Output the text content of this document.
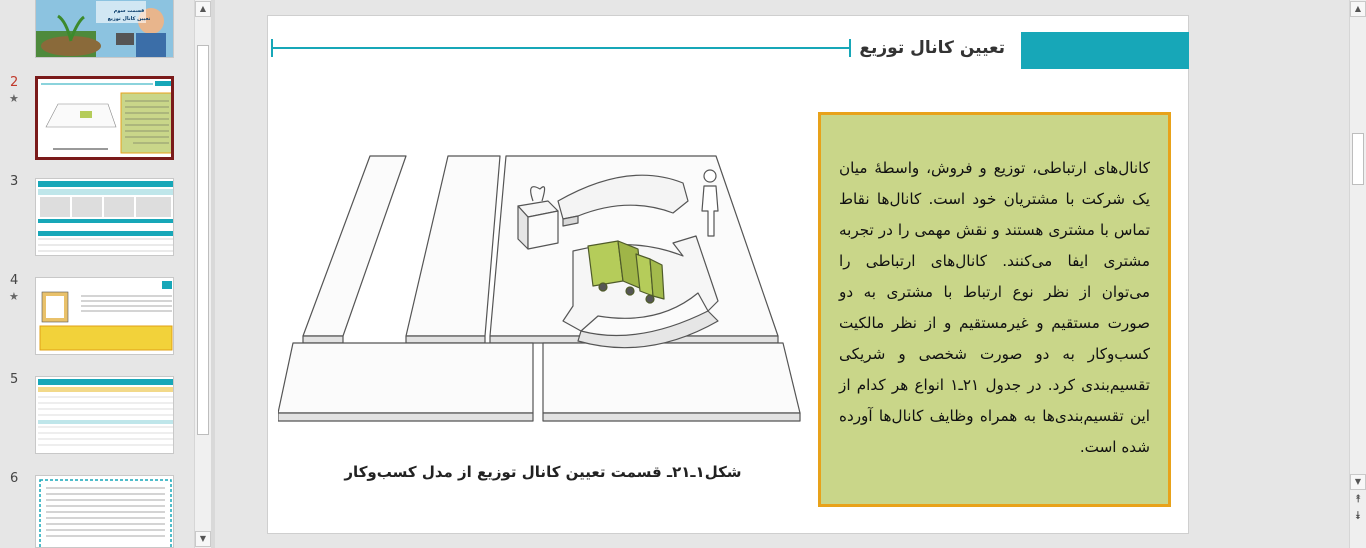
قسمت سوم
تعیین کانال توزیع
2
★
3
4
★
5
6
▲
▼
تعیین کانال توزیع
شکل۱ـ۲۱ـ قسمت تعیین کانال توزیع از مدل کسب‌وکار

کانال‌های ارتباطی، توزیع و فروش، واسطهٔ میان یک شرکت با مشتریان خود است. کانال‌ها نقاط تماس با مشتری هستند و نقش مهمی را در تجربه مشتری ایفا می‌کنند. کانال‌های ارتباطی را می‌توان از نظر نوع ارتباط با مشتری به دو صورت مستقیم و غیرمستقیم و از نظر مالکیت کسب‌وکار به دو صورت شخصی و شریکی تقسیم‌بندی کرد. در جدول ۲۱ـ۱ انواع هر کدام از این تقسیم‌بندی‌ها به همراه وظایف کانال‌ها آورده شده است.

▲
▼
⯭
⯯
